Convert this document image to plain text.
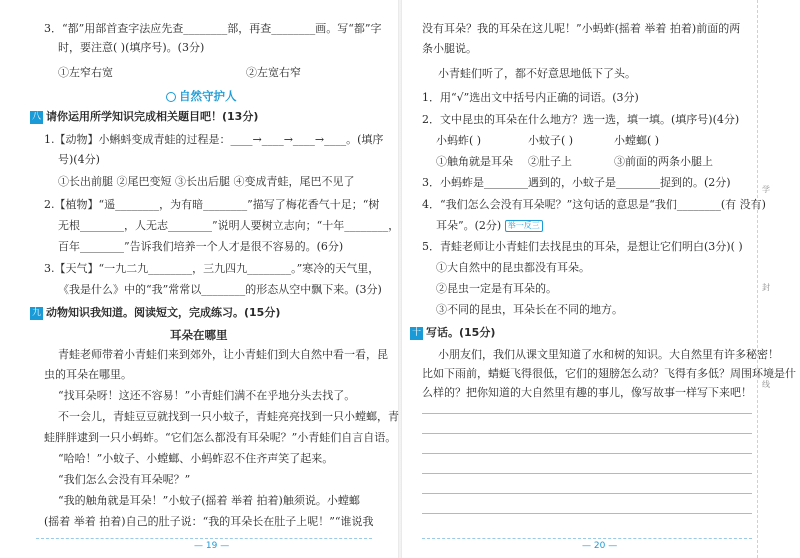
3．“都”用部首查字法应先查________部，再查________画。写“都”字
时，要注意( )(填序号)。(3分)
①左窄右宽	②左宽右窄
自然守护人
八 请你运用所学知识完成相关题目吧！(13分)
1.【动物】小蝌蚪变成青蛙的过程是：____→____→____→____。(填序
号)(4分)
①长出前腿 ②尾巴变短 ③长出后腿 ④变成青蛙，尾巴不见了
2.【植物】“遥________，为有暗________”描写了梅花香气十足；“树
无根________，人无志________”说明人要树立志向；“十年________，
百年________”告诉我们培养一个人才是很不容易的。(6分)
3.【天气】“一九二九________，三九四九________。”寒冷的天气里，
《我是什么》中的“我”常常以________的形态从空中飘下来。(3分)
九 动物知识我知道。阅读短文，完成练习。(15分)
耳朵在哪里
青蛙老师带着小青蛙们来到郊外，让小青蛙们到大自然中看一看，昆
虫的耳朵在哪里。
“找耳朵呀！这还不容易！”小青蛙们满不在乎地分头去找了。
不一会儿，青蛙豆豆就找到一只小蚊子，青蛙亮亮找到一只小螳螂，青
蛙胖胖逮到一只小蚂蚱。“它们怎么都没有耳朵呢？”小青蛙们自言自语。
“哈哈！”小蚊子、小螳螂、小蚂蚱忍不住齐声笑了起来。
“我们怎么会没有耳朵呢？”
“我的触角就是耳朵！”小蚊子(摇着 举着 拍着)触须说。小螳螂
(摇着 举着 拍着)自己的肚子说：“我的耳朵长在肚子上呢！”“谁说我
— 19 —
没有耳朵？我的耳朵在这儿呢！”小蚂蚱(摇着 举着 拍着)前面的两
条小腿说。
小青蛙们听了，都不好意思地低下了头。
1．用“√”选出文中括号内正确的词语。(3分)
2．文中昆虫的耳朵在什么地方？选一选，填一填。(填序号)(4分)
小蚂蚱( )	小蚊子( )	小螳螂( )
①触角就是耳朵 ②肚子上	③前面的两条小腿上
3．小蚂蚱是________遇到的，小蚊子是________捉到的。(2分)
4．“我们怎么会没有耳朵呢？”这句话的意思是“我们________(有 没有)
耳朵”。(2分) 举一反三
5．青蛙老师让小青蛙们去找昆虫的耳朵，是想让它们明白(3分)( )
①大自然中的昆虫都没有耳朵。
②昆虫一定是有耳朵的。
③不同的昆虫，耳朵长在不同的地方。
十 写话。(15分)
小朋友们，我们从课文里知道了水和树的知识。大自然里有许多秘密！
比如下雨前，蜻蜓飞得很低，它们的翅膀怎么动？飞得有多低？周围环境是什
么样的？把你知道的大自然里有趣的事儿，像写故事一样写下来吧！
— 20 —
学
封
线
